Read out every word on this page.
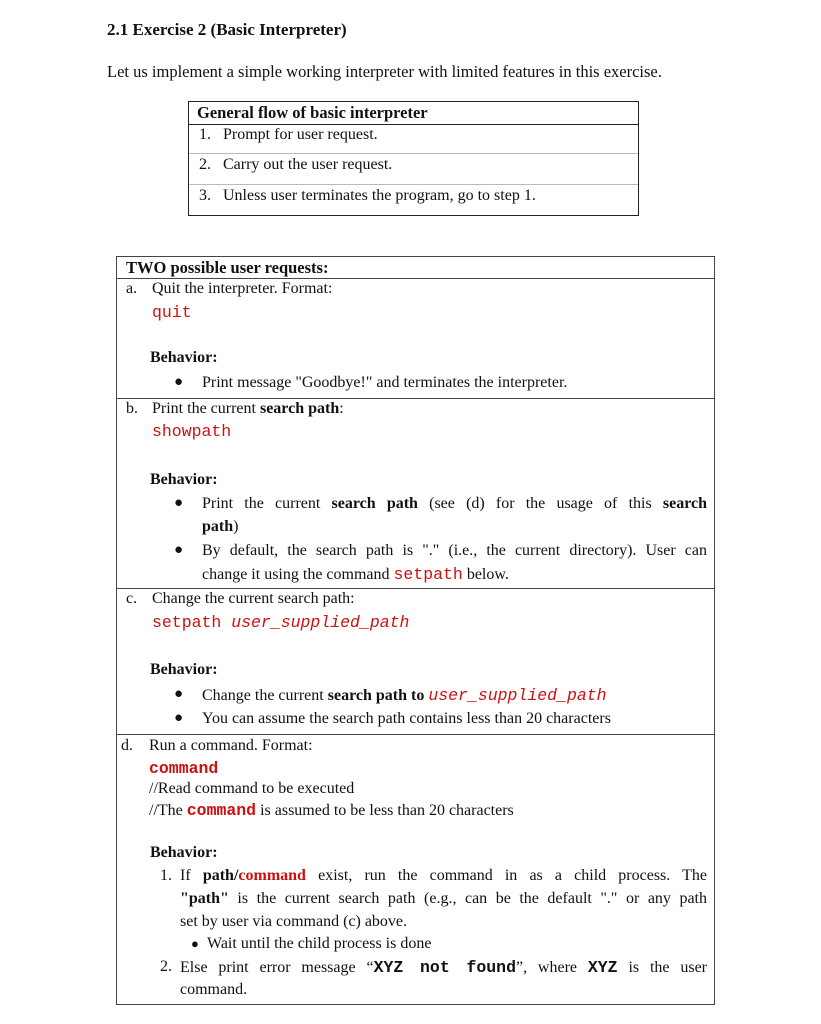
2.1 Exercise 2 (Basic Interpreter)
Let us implement a simple working interpreter with limited features in this exercise.
General flow of basic interpreter
1. Prompt for user request.
2. Carry out the user request.
3. Unless user terminates the program, go to step 1.
TWO possible user requests:
a. Quit the interpreter. Format:
quit
Behavior:
● Print message "Goodbye!" and terminates the interpreter.
b. Print the current search path:
showpath
Behavior:
● Print the current search path (see (d) for the usage of this search
path)
● By default, the search path is "." (i.e., the current directory). User can
change it using the command setpath below.
c. Change the current search path:
setpath user_supplied_path
Behavior:
● Change the current search path to user_supplied_path
● You can assume the search path contains less than 20 characters
d. Run a command. Format:
command
//Read command to be executed
//The command is assumed to be less than 20 characters
Behavior:
1. If path/command exist, run the command in as a child process. The
"path" is the current search path (e.g., can be the default "." or any path
set by user via command (c) above.
● Wait until the child process is done
2. Else print error message “XYZ not found”, where XYZ is the user
command.
